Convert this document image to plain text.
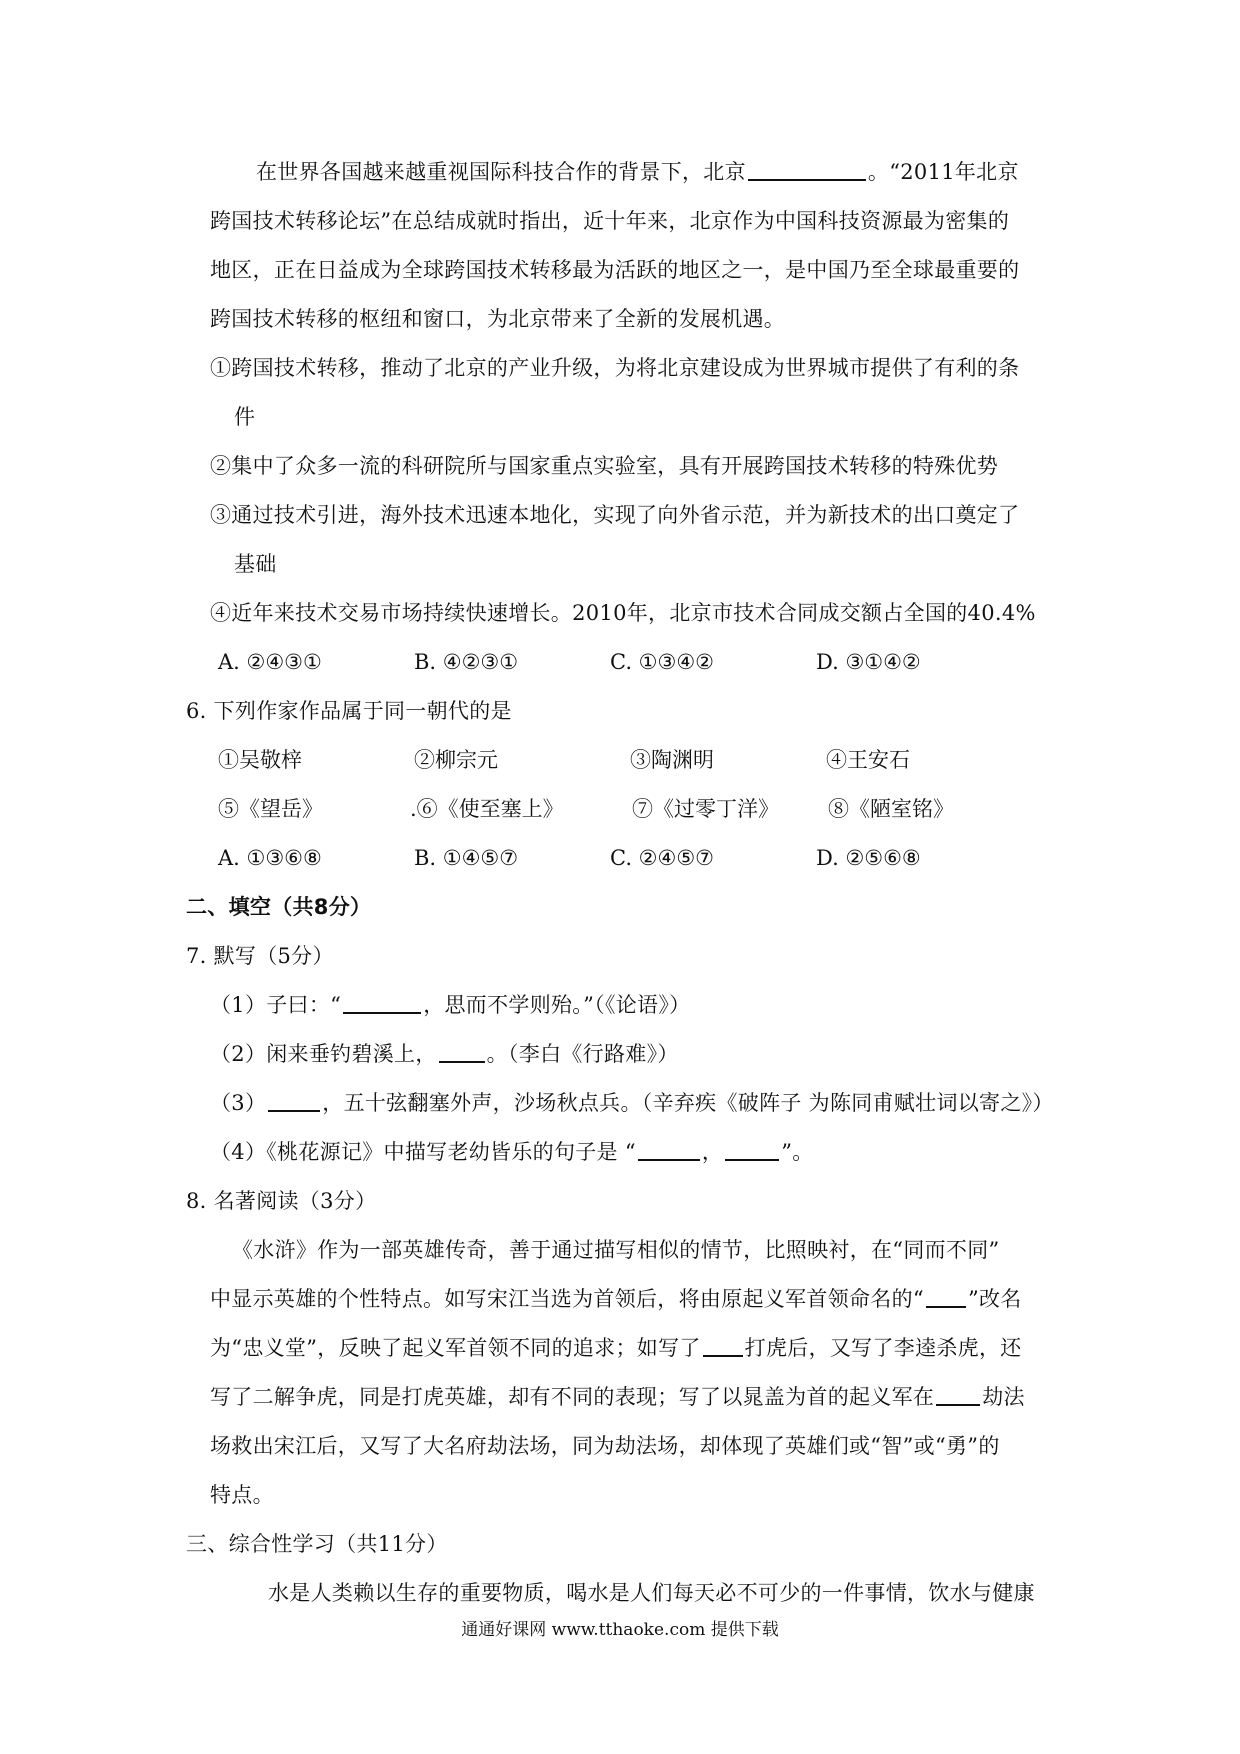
在世界各国越来越重视国际科技合作的背景下，北京	。“2011年北京
跨国技术转移论坛”在总结成就时指出，近十年来，北京作为中国科技资源最为密集的
地区，正在日益成为全球跨国技术转移最为活跃的地区之一，是中国乃至全球最重要的
跨国技术转移的枢纽和窗口，为北京带来了全新的发展机遇。
①跨国技术转移，推动了北京的产业升级，为将北京建设成为世界城市提供了有利的条
件
②集中了众多一流的科研院所与国家重点实验室，具有开展跨国技术转移的特殊优势
③通过技术引进，海外技术迅速本地化，实现了向外省示范，并为新技术的出口奠定了
基础
④近年来技术交易市场持续快速增长。2010年，北京市技术合同成交额占全国的40.4%
A. ②④③①	B. ④②③①	C. ①③④②	D. ③①④②
6. 下列作家作品属于同一朝代的是
①吴敬梓	②柳宗元	③陶渊明	④王安石
⑤《望岳》	.⑥《使至塞上》	⑦《过零丁洋》 ⑧《陋室铭》
A. ①③⑥⑧	B. ①④⑤⑦	C. ②④⑤⑦	D. ②⑤⑥⑧
二、填空（共8分）
7. 默写（5分）
（1）子曰：“	，思而不学则殆。”（《论语》）
（2）闲来垂钓碧溪上， 。（李白《行路难》）
（3）	，五十弦翻塞外声，沙场秋点兵。（辛弃疾《破阵子 为陈同甫赋壮词以寄之》）
（4）《桃花源记》中描写老幼皆乐的句子是 “	，	”。
8. 名著阅读（3分）
《水浒》作为一部英雄传奇，善于通过描写相似的情节，比照映衬，在“同而不同”
中显示英雄的个性特点。如写宋江当选为首领后，将由原起义军首领命名的“ ”改名
为“忠义堂”，反映了起义军首领不同的追求；如写了 打虎后，又写了李逵杀虎，还
写了二解争虎，同是打虎英雄，却有不同的表现；写了以晁盖为首的起义军在 劫法
场救出宋江后，又写了大名府劫法场，同为劫法场，却体现了英雄们或“智”或“勇”的
特点。
三、综合性学习（共11分）
水是人类赖以生存的重要物质，喝水是人们每天必不可少的一件事情，饮水与健康
通通好课网 www.tthaoke.com 提供下载
